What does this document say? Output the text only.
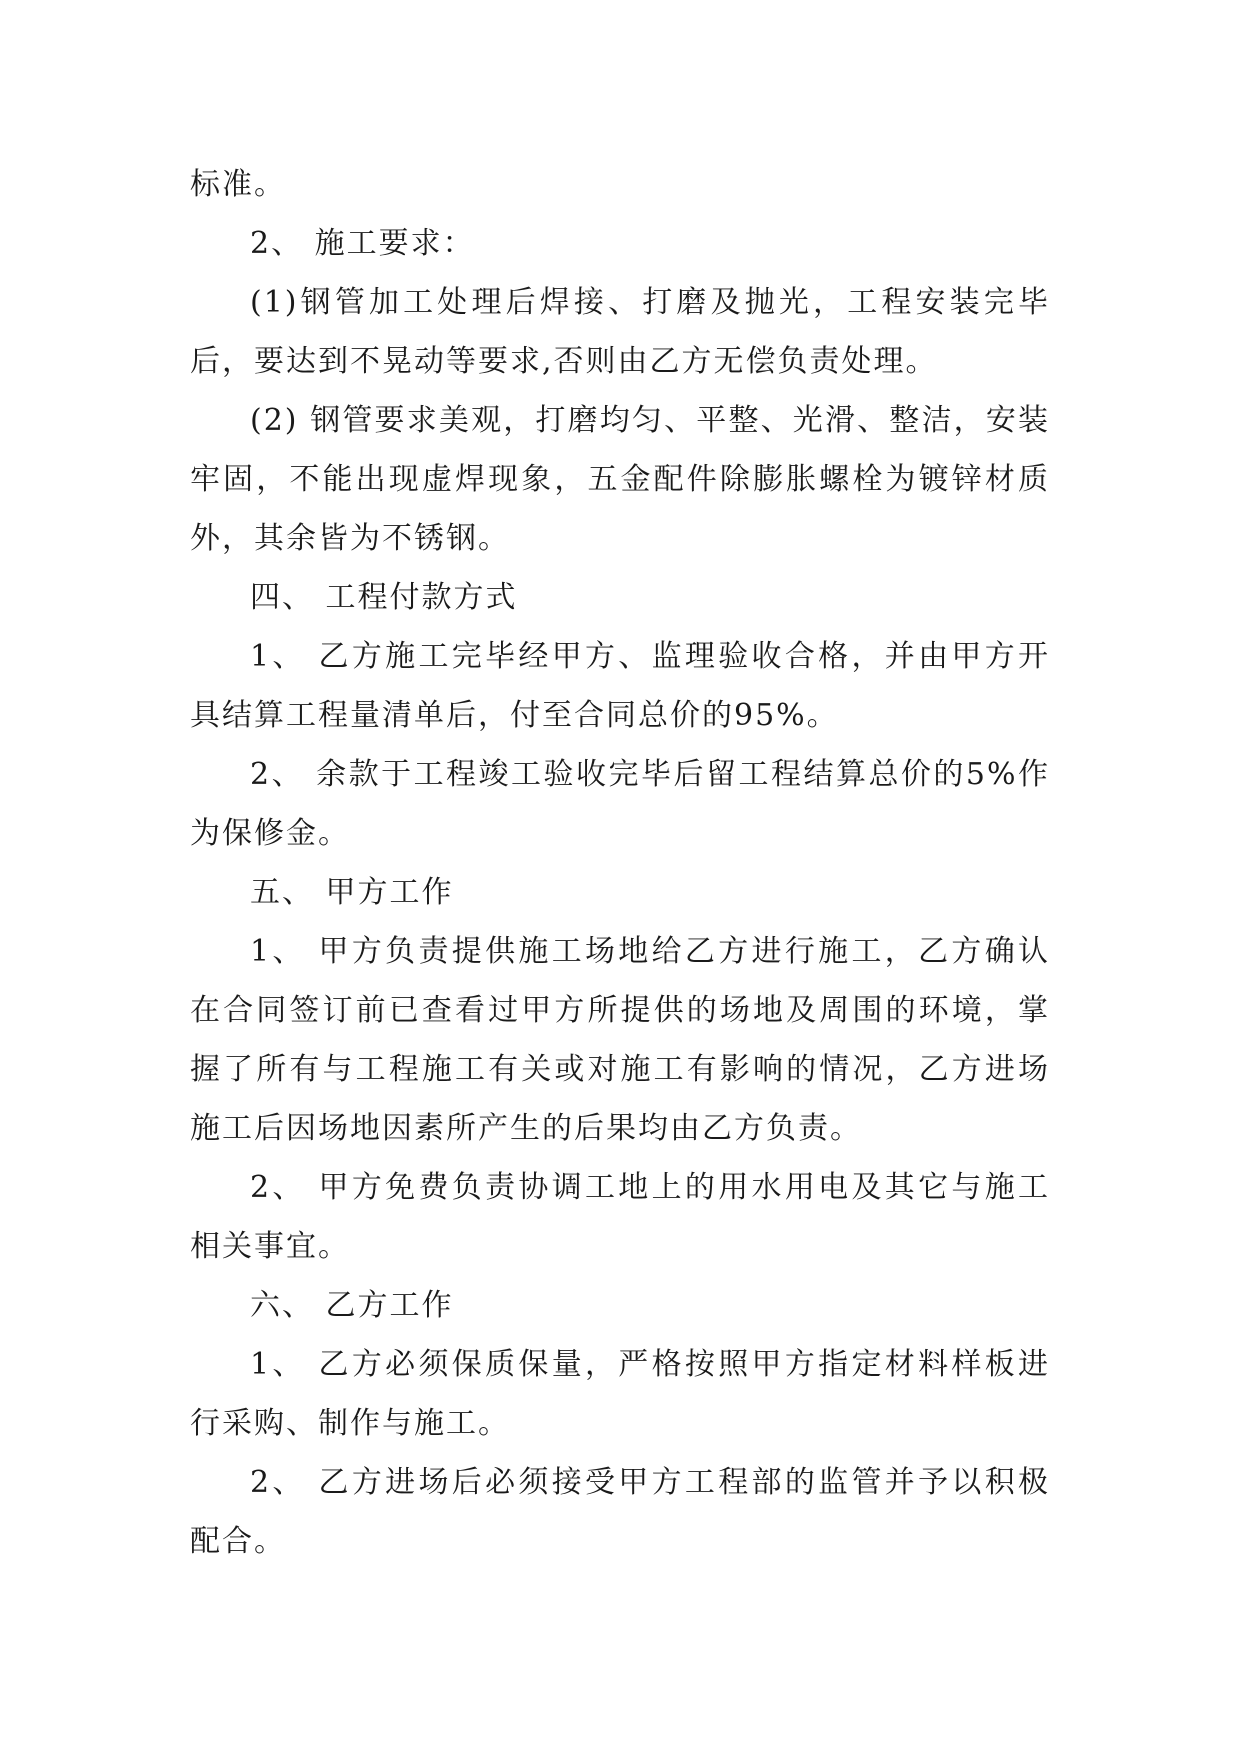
标准。

2、 施工要求：

(1)钢管加工处理后焊接、打磨及抛光，工程安装完毕后，要达到不晃动等要求,否则由乙方无偿负责处理。

(2) 钢管要求美观，打磨均匀、平整、光滑、整洁，安装牢固，不能出现虚焊现象，五金配件除膨胀螺栓为镀锌材质外，其余皆为不锈钢。

四、 工程付款方式

1、 乙方施工完毕经甲方、监理验收合格，并由甲方开具结算工程量清单后，付至合同总价的95%。

2、 余款于工程竣工验收完毕后留工程结算总价的5%作为保修金。

五、 甲方工作

1、 甲方负责提供施工场地给乙方进行施工，乙方确认在合同签订前已查看过甲方所提供的场地及周围的环境，掌握了所有与工程施工有关或对施工有影响的情况，乙方进场施工后因场地因素所产生的后果均由乙方负责。

2、 甲方免费负责协调工地上的用水用电及其它与施工相关事宜。

六、 乙方工作

1、 乙方必须保质保量，严格按照甲方指定材料样板进行采购、制作与施工。

2、 乙方进场后必须接受甲方工程部的监管并予以积极配合。
